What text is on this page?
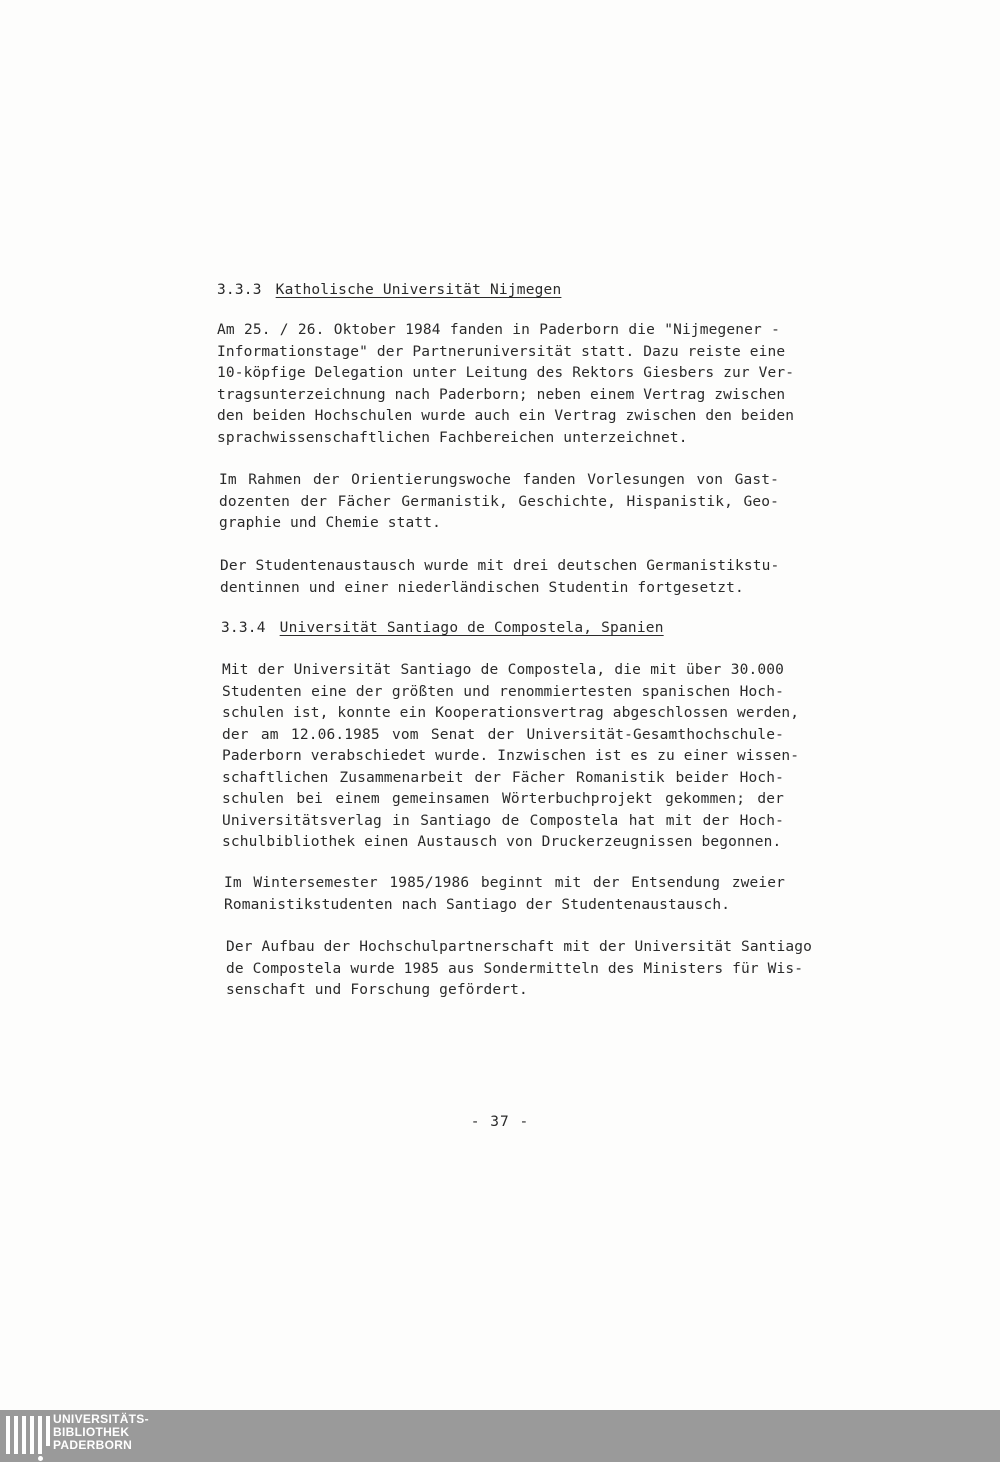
3.3.3 Katholische Universität Nijmegen
Am 25. / 26. Oktober 1984 fanden in Paderborn die "Nijmegener -
Informationstage" der Partneruniversität statt. Dazu reiste eine
10-köpfige Delegation unter Leitung des Rektors Giesbers zur Ver-
tragsunterzeichnung nach Paderborn; neben einem Vertrag zwischen
den beiden Hochschulen wurde auch ein Vertrag zwischen den beiden
sprachwissenschaftlichen Fachbereichen unterzeichnet.
Im Rahmen der Orientierungswoche fanden Vorlesungen von Gast-
dozenten der Fächer Germanistik, Geschichte, Hispanistik, Geo-
graphie und Chemie statt.
Der Studentenaustausch wurde mit drei deutschen Germanistikstu-
dentinnen und einer niederländischen Studentin fortgesetzt.
3.3.4 Universität Santiago de Compostela, Spanien
Mit der Universität Santiago de Compostela, die mit über 30.000
Studenten eine der größten und renommiertesten spanischen Hoch-
schulen ist, konnte ein Kooperationsvertrag abgeschlossen werden,
der am 12.06.1985 vom Senat der Universität-Gesamthochschule-
Paderborn verabschiedet wurde. Inzwischen ist es zu einer wissen-
schaftlichen Zusammenarbeit der Fächer Romanistik beider Hoch-
schulen bei einem gemeinsamen Wörterbuchprojekt gekommen; der
Universitätsverlag in Santiago de Compostela hat mit der Hoch-
schulbibliothek einen Austausch von Druckerzeugnissen begonnen.
Im Wintersemester 1985/1986 beginnt mit der Entsendung zweier
Romanistikstudenten nach Santiago der Studentenaustausch.
Der Aufbau der Hochschulpartnerschaft mit der Universität Santiago
de Compostela wurde 1985 aus Sondermitteln des Ministers für Wis-
senschaft und Forschung gefördert.
- 37 -
UNIVERSITÄTS-
BIBLIOTHEK
PADERBORN
